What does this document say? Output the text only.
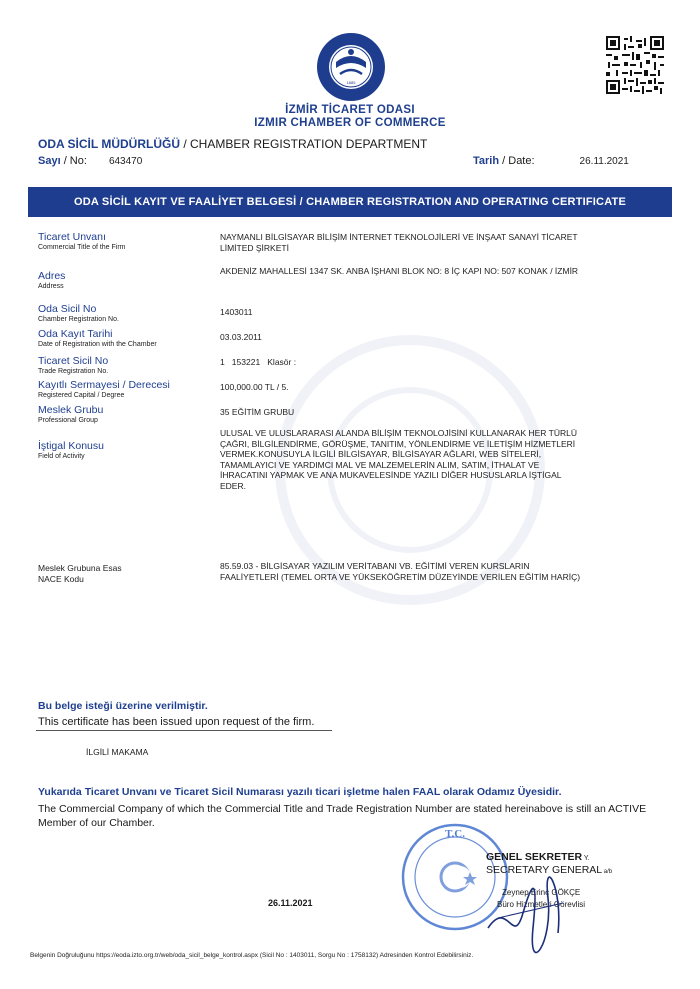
1885
İZMİR TİCARET ODASI
IZMIR CHAMBER OF COMMERCE
ODA SİCİL MÜDÜRLÜĞÜ / CHAMBER REGISTRATION DEPARTMENT
Sayı / No: 643470	Tarih / Date:	26.11.2021
ODA SİCİL KAYIT VE FAALİYET BELGESİ / CHAMBER REGISTRATION AND OPERATING CERTIFICATE
Ticaret Unvanı
Commercial Title of the Firm
NAYMANLI BİLGİSAYAR BİLİŞİM İNTERNET TEKNOLOJİLERİ VE İNŞAAT SANAYİ TİCARET
LİMİTED ŞİRKETİ
Adres
Address
AKDENİZ MAHALLESİ 1347 SK. ANBA İŞHANI BLOK NO: 8 İÇ KAPI NO: 507 KONAK / İZMİR
Oda Sicil No
Chamber Registration No.
1403011
Oda Kayıt Tarihi
Date of Registration with the Chamber
03.03.2011
Ticaret Sicil No
Trade Registration No.
1   153221   Klasör :
Kayıtlı Sermayesi / Derecesi
Registered Capital / Degree
100,000.00 TL / 5.
Meslek Grubu
Professional Group
35 EĞİTİM GRUBU
İştigal Konusu
Field of Activity
ULUSAL VE ULUSLARARASI ALANDA BİLİŞİM TEKNOLOJİSİNİ KULLANARAK HER TÜRLÜ
ÇAĞRI, BİLGİLENDİRME, GÖRÜŞME, TANITIM, YÖNLENDİRME VE İLETİŞİM HİZMETLERİ
VERMEK.KONUSUYLA İLGİLİ BİLGİSAYAR, BİLGİSAYAR AĞLARI, WEB SİTELERİ,
TAMAMLAYICI VE YARDIMCI MAL VE MALZEMELERİN ALIM, SATIM, İTHALAT VE
İHRACATINI YAPMAK VE ANA MUKAVELESİNDE YAZILI DİĞER HUSUSLARLA İŞTİGAL
EDER.
Meslek Grubuna Esas
NACE Kodu
85.59.03 - BİLGİSAYAR YAZILIM VERİTABANI VB. EĞİTİMİ VEREN KURSLARIN
FAALİYETLERİ (TEMEL ORTA VE YÜKSEKÖĞRETİM DÜZEYİNDE VERİLEN EĞİTİM HARİÇ)
Bu belge isteği üzerine verilmiştir.
This certificate has been issued upon request of the firm.
İLGİLİ MAKAMA
Yukarıda Ticaret Unvanı ve Ticaret Sicil Numarası yazılı ticari işletme halen FAAL olarak Odamız Üyesidir.
The Commercial Company of which the Commercial Title and Trade Registration Number are stated hereinabove is still an ACTIVE Member of our Chamber.
T.C.
GENEL SEKRETER Y.
SECRETARY GENERAL a/b
Zeynep Erinç GÖKÇE
Büro Hizmetleri Görevlisi
26.11.2021
Belgenin Doğruluğunu https://eoda.izto.org.tr/web/oda_sicil_belge_kontrol.aspx (Sicil No : 1403011, Sorgu No : 1758132) Adresinden Kontrol Edebilirsiniz.
